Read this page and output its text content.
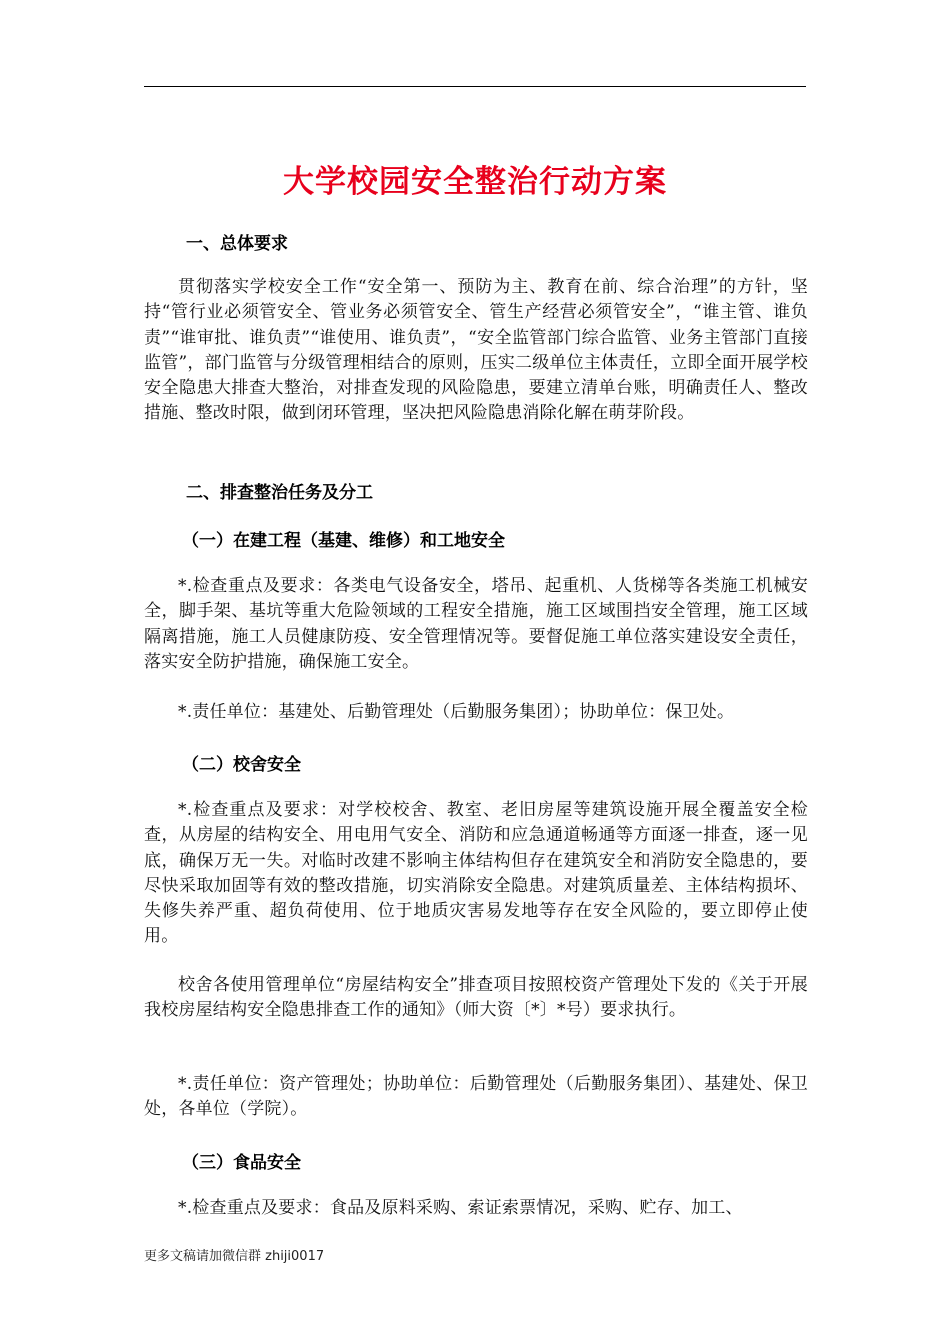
大学校园安全整治行动方案
一、总体要求

贯彻落实学校安全工作“安全第一、预防为主、教育在前、综合治理”的方针，坚持“管行业必须管安全、管业务必须管安全、管生产经营必须管安全”，“谁主管、谁负责”“谁审批、谁负责”“谁使用、谁负责”，“安全监管部门综合监管、业务主管部门直接监管”，部门监管与分级管理相结合的原则，压实二级单位主体责任，立即全面开展学校安全隐患大排查大整治，对排查发现的风险隐患，要建立清单台账，明确责任人、整改措施、整改时限，做到闭环管理，坚决把风险隐患消除化解在萌芽阶段。

二、排查整治任务及分工
（一）在建工程（基建、维修）和工地安全

*.检查重点及要求：各类电气设备安全，塔吊、起重机、人货梯等各类施工机械安全，脚手架、基坑等重大危险领域的工程安全措施，施工区域围挡安全管理，施工区域隔离措施，施工人员健康防疫、安全管理情况等。要督促施工单位落实建设安全责任，落实安全防护措施，确保施工安全。

*.责任单位：基建处、后勤管理处（后勤服务集团）；协助单位：保卫处。

（二）校舍安全

*.检查重点及要求：对学校校舍、教室、老旧房屋等建筑设施开展全覆盖安全检查，从房屋的结构安全、用电用气安全、消防和应急通道畅通等方面逐一排查，逐一见底，确保万无一失。对临时改建不影响主体结构但存在建筑安全和消防安全隐患的，要尽快采取加固等有效的整改措施，切实消除安全隐患。对建筑质量差、主体结构损坏、失修失养严重、超负荷使用、位于地质灾害易发地等存在安全风险的，要立即停止使用。

校舍各使用管理单位“房屋结构安全”排查项目按照校资产管理处下发的《关于开展我校房屋结构安全隐患排查工作的通知》（师大资〔*〕*号）要求执行。

*.责任单位：资产管理处；协助单位：后勤管理处（后勤服务集团）、基建处、保卫处，各单位（学院）。

（三）食品安全

*.检查重点及要求：食品及原料采购、索证索票情况，采购、贮存、加工、

更多文稿请加微信群 zhiji0017
